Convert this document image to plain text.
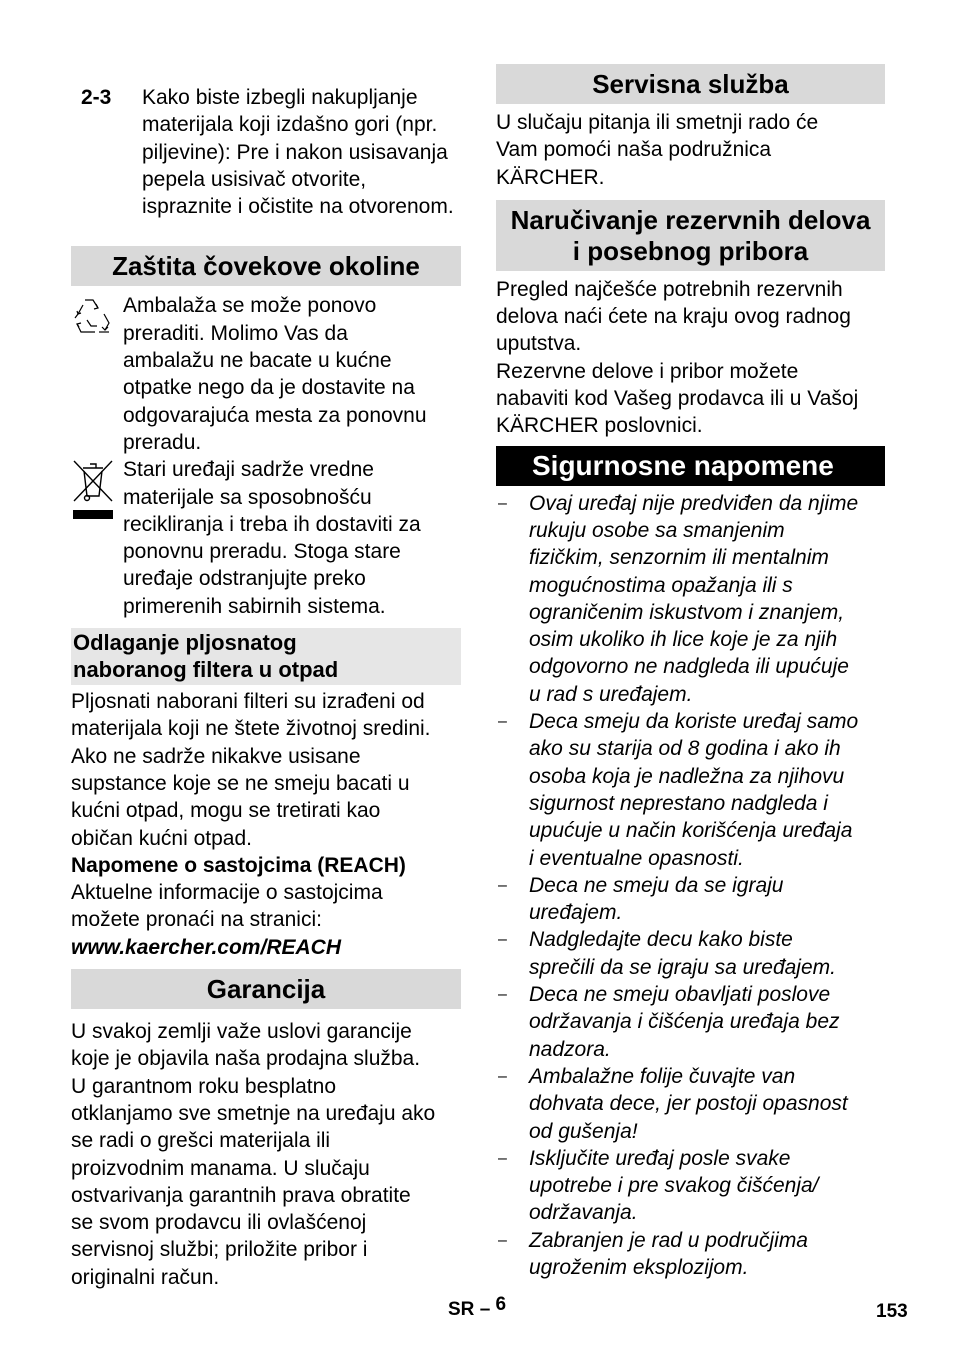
2-3 Kako biste izbegli nakupljanje
materijala koji izdašno gori (npr.
piljevine): Pre i nakon usisavanja
pepela usisivač otvorite,
ispraznite i očistite na otvorenom.

Zaštita čovekove okoline

Ambalaža se može ponovo
preraditi. Molimo Vas da
ambalažu ne bacate u kućne
otpatke nego da je dostavite na
odgovarajuća mesta za ponovnu
preradu.

Stari uređaji sadrže vredne
materijale sa sposobnošću
recikliranja i treba ih dostaviti za
ponovnu preradu. Stoga stare
uređaje odstranjujte preko
primerenih sabirnih sistema.

Odlaganje pljosnatog
naboranog filtera u otpad

Pljosnati naborani filteri su izrađeni od
materijala koji ne štete životnoj sredini.
Ako ne sadrže nikakve usisane
supstance koje se ne smeju bacati u
kućni otpad, mogu se tretirati kao
običan kućni otpad.

Napomene o sastojcima (REACH)

Aktuelne informacije o sastojcima
možete pronaći na stranici:

www.kaercher.com/REACH

Garancija

U svakoj zemlji važe uslovi garancije
koje je objavila naša prodajna služba.
U garantnom roku besplatno
otklanjamo sve smetnje na uređaju ako
se radi o grešci materijala ili
proizvodnim manama. U slučaju
ostvarivanja garantnih prava obratite
se svom prodavcu ili ovlašćenoj
servisnoj službi; priložite pribor i
originalni račun.

Servisna služba

U slučaju pitanja ili smetnji rado će
Vam pomoći naša podružnica
KÄRCHER.

Naručivanje rezervnih delova
i posebnog pribora

Pregled najčešće potrebnih rezervnih
delova naći ćete na kraju ovog radnog
uputstva.
Rezervne delove i pribor možete
nabaviti kod Vašeg prodavca ili u Vašoj
KÄRCHER poslovnici.

Sigurnosne napomene
– Ovaj uređaj nije predviđen da njime
rukuju osobe sa smanjenim
fizičkim, senzornim ili mentalnim
mogućnostima opažanja ili s
ograničenim iskustvom i znanjem,
osim ukoliko ih lice koje je za njih
odgovorno ne nadgleda ili upućuje
u rad s uređajem.
– Deca smeju da koriste uređaj samo
ako su starija od 8 godina i ako ih
osoba koja je nadležna za njihovu
sigurnost neprestano nadgleda i
upućuje u način korišćenja uređaja
i eventualne opasnosti.
– Deca ne smeju da se igraju
uređajem.
– Nadgledajte decu kako biste
sprečili da se igraju sa uređajem.
– Deca ne smeju obavljati poslove
održavanja i čišćenja uređaja bez
nadzora.
– Ambalažne folije čuvajte van
dohvata dece, jer postoji opasnost
od gušenja!
– Isključite uređaj posle svake
upotrebe i pre svakog čišćenja/
održavanja.
– Zabranjen je rad u područjima
ugroženim eksplozijom.
SR – 6	153
